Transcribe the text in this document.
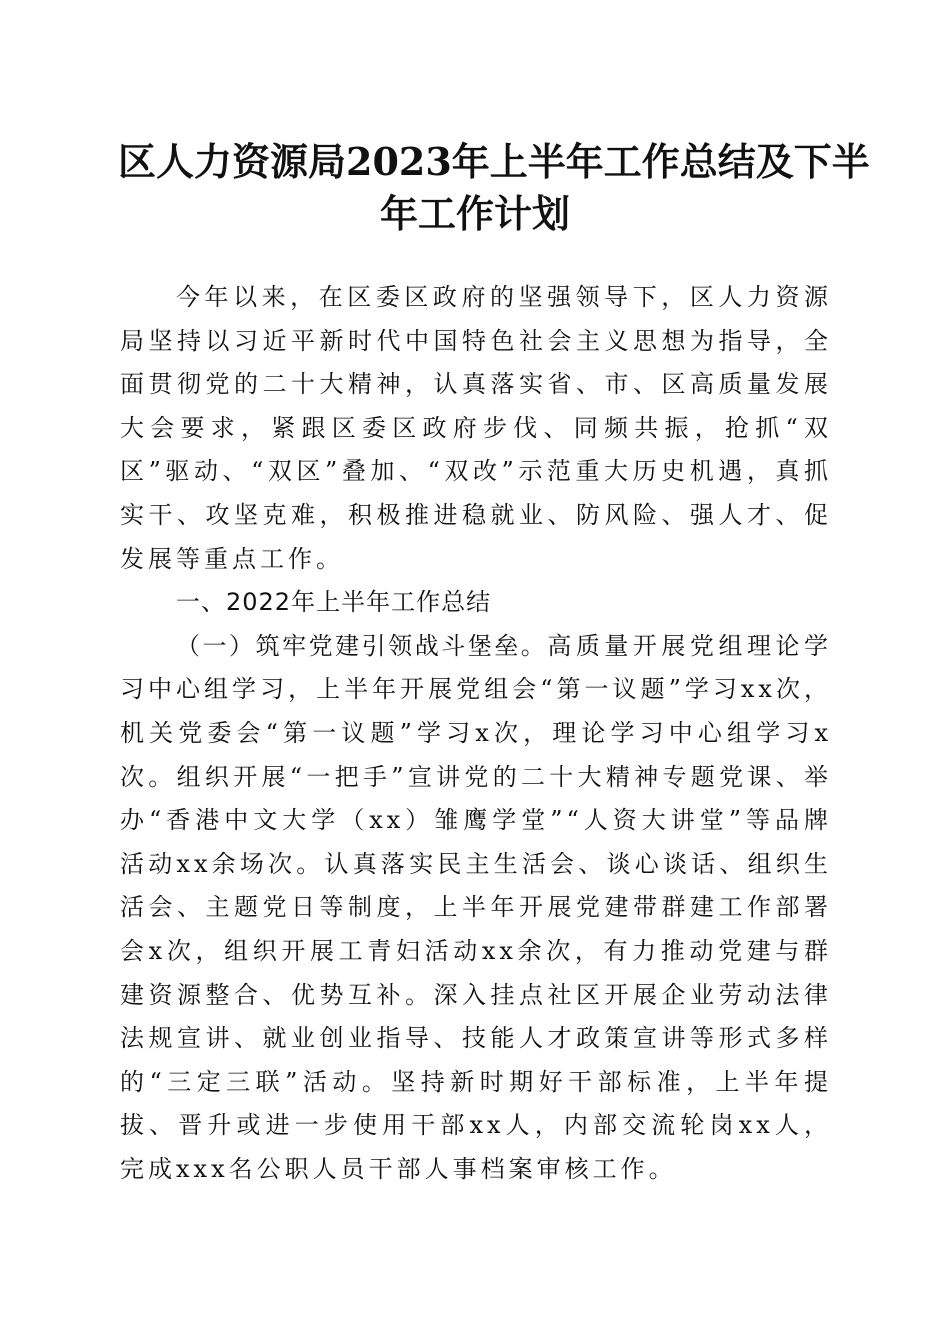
区人力资源局2023年上半年工作总结及下半
年工作计划

今年以来，在区委区政府的坚强领导下，区人力资源局坚持以习近平新时代中国特色社会主义思想为指导，全面贯彻党的二十大精神，认真落实省、市、区高质量发展大会要求，紧跟区委区政府步伐、同频共振，抢抓“双区”驱动、“双区”叠加、“双改”示范重大历史机遇，真抓实干、攻坚克难，积极推进稳就业、防风险、强人才、促发展等重点工作。

一、2022年上半年工作总结

（一）筑牢党建引领战斗堡垒。高质量开展党组理论学习中心组学习，上半年开展党组会“第一议题”学习xx次，机关党委会“第一议题”学习x次，理论学习中心组学习x次。组织开展“一把手”宣讲党的二十大精神专题党课、举办“香港中文大学（xx）雏鹰学堂”“人资大讲堂”等品牌活动xx余场次。认真落实民主生活会、谈心谈话、组织生活会、主题党日等制度，上半年开展党建带群建工作部署会x次，组织开展工青妇活动xx余次，有力推动党建与群建资源整合、优势互补。深入挂点社区开展企业劳动法律法规宣讲、就业创业指导、技能人才政策宣讲等形式多样的“三定三联”活动。坚持新时期好干部标准，上半年提拔、晋升或进一步使用干部xx人，内部交流轮岗xx人，完成xxx名公职人员干部人事档案审核工作。
